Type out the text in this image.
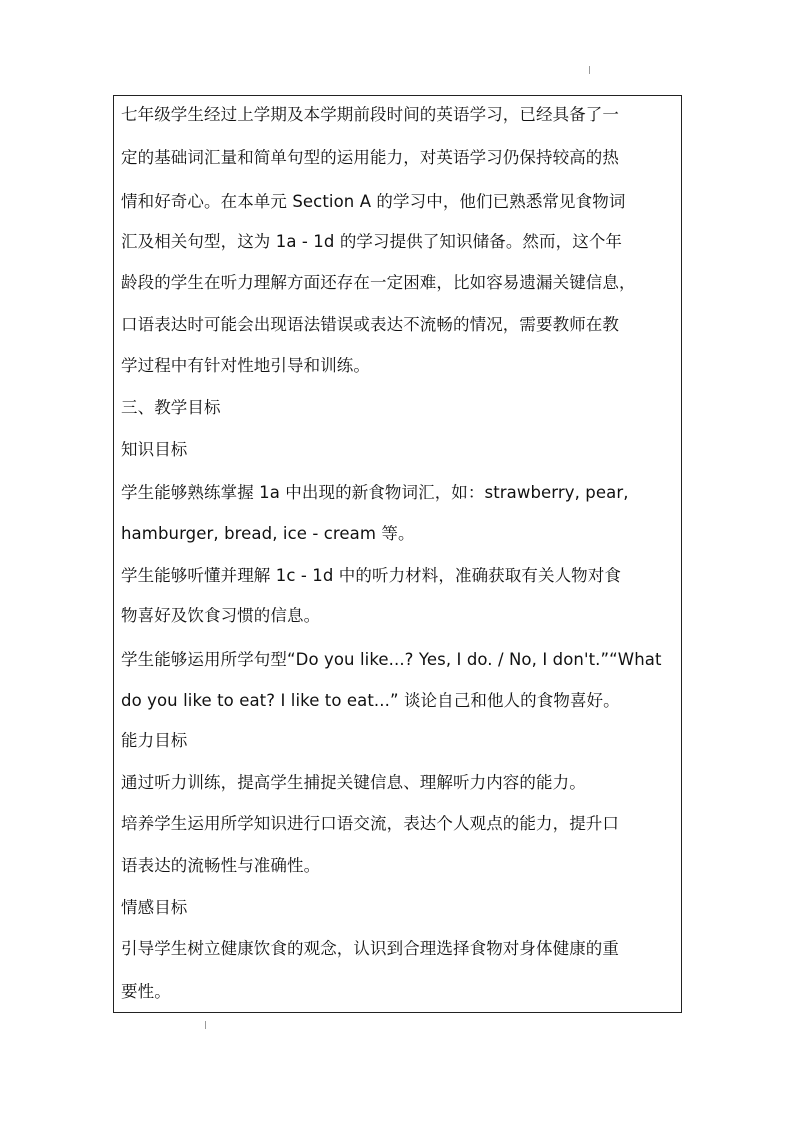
七年级学生经过上学期及本学期前段时间的英语学习，已经具备了一
定的基础词汇量和简单句型的运用能力，对英语学习仍保持较高的热
情和好奇心。在本单元 Section A 的学习中，他们已熟悉常见食物词
汇及相关句型，这为 1a - 1d 的学习提供了知识储备。然而，这个年
龄段的学生在听力理解方面还存在一定困难，比如容易遗漏关键信息，
口语表达时可能会出现语法错误或表达不流畅的情况，需要教师在教
学过程中有针对性地引导和训练。
三、教学目标
知识目标
学生能够熟练掌握 1a 中出现的新食物词汇，如：strawberry, pear,
hamburger, bread, ice - cream 等。
学生能够听懂并理解 1c - 1d 中的听力材料，准确获取有关人物对食
物喜好及饮食习惯的信息。
学生能够运用所学句型“Do you like...? Yes, I do. / No, I don't.”“What
do you like to eat? I like to eat...” 谈论自己和他人的食物喜好。
能力目标
通过听力训练，提高学生捕捉关键信息、理解听力内容的能力。
培养学生运用所学知识进行口语交流，表达个人观点的能力，提升口
语表达的流畅性与准确性。
情感目标
引导学生树立健康饮食的观念，认识到合理选择食物对身体健康的重
要性。
